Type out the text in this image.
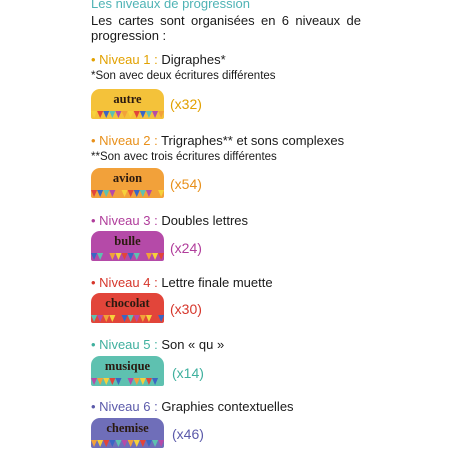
Les niveaux de progression
Les cartes sont organisées en 6 niveaux de progression :
• Niveau 1 : Digraphes*
*Son avec deux écritures différentes
autre	(x32)
• Niveau 2 : Trigraphes** et sons complexes
**Son avec trois écritures différentes
avion	(x54)
• Niveau 3 : Doubles lettres
bulle	(x24)
• Niveau 4 : Lettre finale muette
chocolat	(x30)
• Niveau 5 : Son « qu »
musique	(x14)
• Niveau 6 : Graphies contextuelles
chemise	(x46)
